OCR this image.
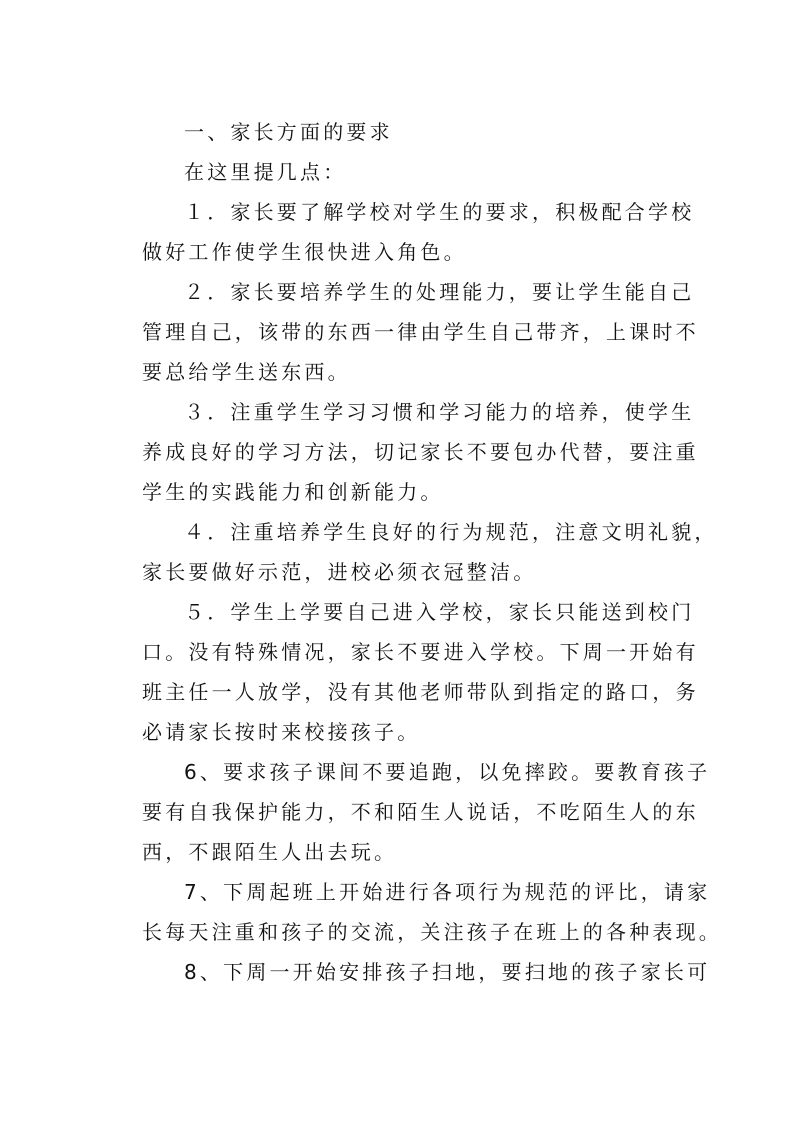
一、家长方面的要求

在这里提几点：

１．家长要了解学校对学生的要求，积极配合学校
做好工作使学生很快进入角色。

２．家长要培养学生的处理能力，要让学生能自己
管理自己，该带的东西一律由学生自己带齐，上课时不
要总给学生送东西。

３．注重学生学习习惯和学习能力的培养，使学生
养成良好的学习方法，切记家长不要包办代替，要注重
学生的实践能力和创新能力。

４．注重培养学生良好的行为规范，注意文明礼貌，
家长要做好示范，进校必须衣冠整洁。

５．学生上学要自己进入学校，家长只能送到校门
口。没有特殊情况，家长不要进入学校。下周一开始有
班主任一人放学，没有其他老师带队到指定的路口，务
必请家长按时来校接孩子。

6、要求孩子课间不要追跑，以免摔跤。要教育孩子
要有自我保护能力，不和陌生人说话，不吃陌生人的东
西，不跟陌生人出去玩。

7、下周起班上开始进行各项行为规范的评比，请家
长每天注重和孩子的交流，关注孩子在班上的各种表现。

8、下周一开始安排孩子扫地，要扫地的孩子家长可
